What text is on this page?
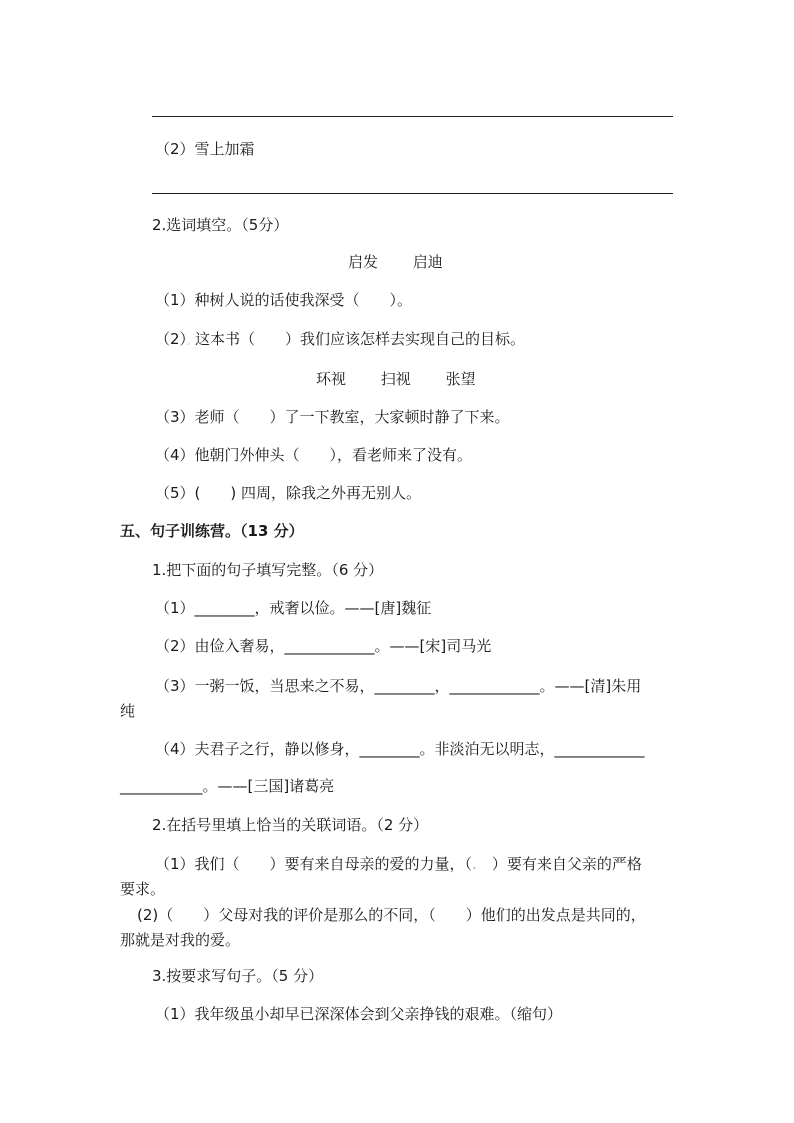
（2）雪上加霜
2.选词填空。（5分）
启发 启迪
（1）种树人说的话使我深受（　　）。
（2）。这本书（　　）我们应该怎样去实现自己的目标。
环视 扫视 张望
（3）老师（　　）了一下教室，大家顿时静了下来。
（4）他朝门外伸头（　　），看老师来了没有。
（5）(　　) 四周，除我之外再无别人。
五、句子训练营。（13 分）
1.把下面的句子填写完整。（6 分）
（1）________，戒奢以俭。——[唐]魏征
（2）由俭入奢易，____________。——[宋]司马光
（3）一粥一饭，当思来之不易，________，____________。——[清]朱用
纯
（4）夫君子之行，静以修身，________。非淡泊无以明志，____________
___________。——[三国]诸葛亮
2.在括号里填上恰当的关联词语。（2 分）
（1）我们（　　）要有来自母亲的爱的力量，（.　）要有来自父亲的严格
要求。
(2)（　　）父母对我的评价是那么的不同，（　　）他们的出发点是共同的，
那就是对我的爱。
3.按要求写句子。（5 分）
（1）我年级虽小却早已深深体会到父亲挣钱的艰难。（缩句）
